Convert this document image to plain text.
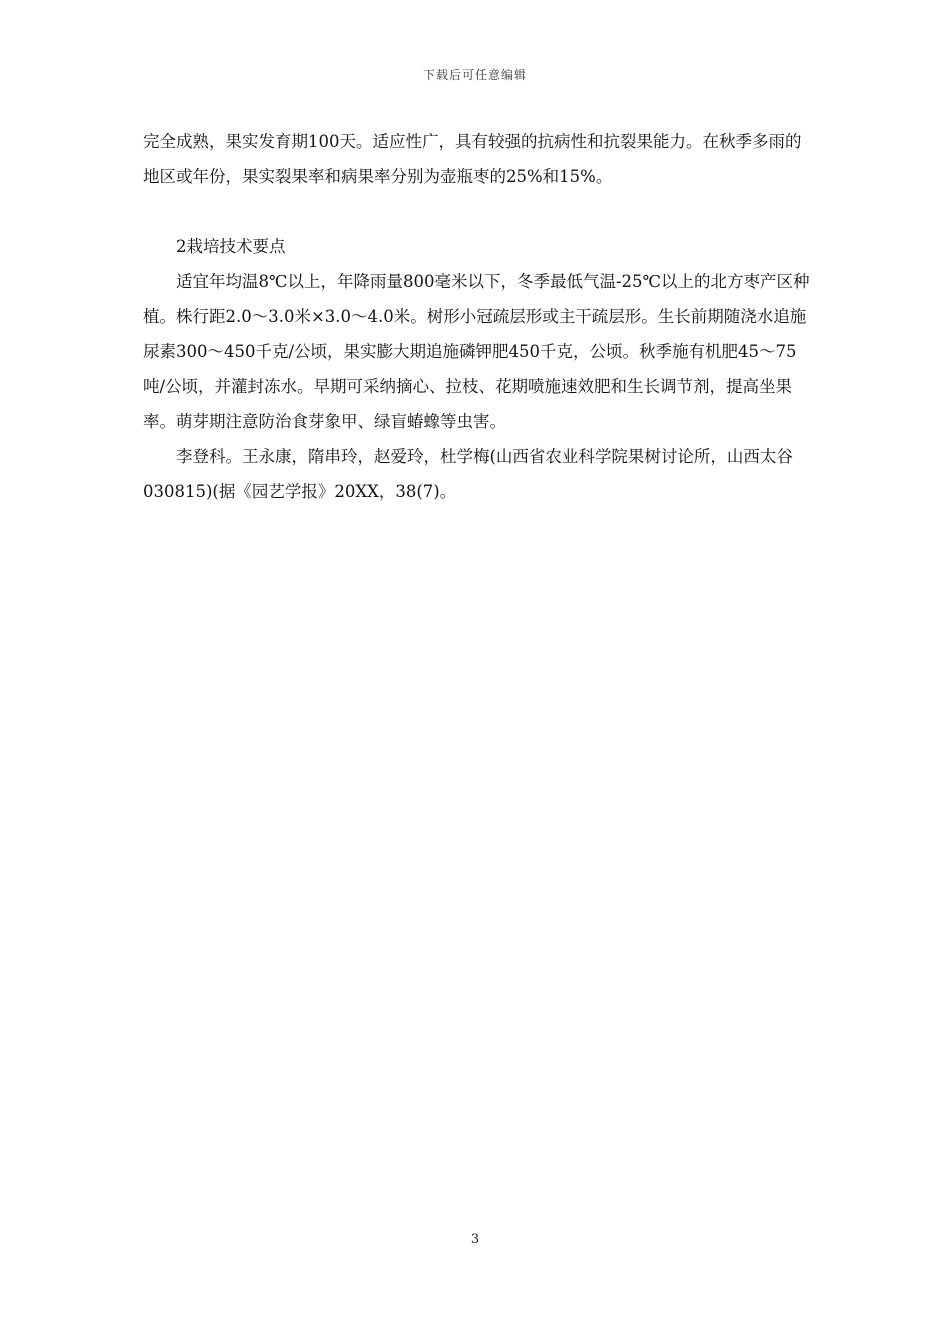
下载后可任意编辑

完全成熟，果实发育期100天。适应性广，具有较强的抗病性和抗裂果能力。在秋季多雨的地区或年份，果实裂果率和病果率分别为壶瓶枣的25%和15%。

2栽培技术要点

适宜年均温8℃以上，年降雨量800毫米以下，冬季最低气温-25℃以上的北方枣产区种植。株行距2.0～3.0米×3.0～4.0米。树形小冠疏层形或主干疏层形。生长前期随浇水追施尿素300～450千克/公顷，果实膨大期追施磷钾肥450千克，公顷。秋季施有机肥45～75吨/公顷，并灌封冻水。早期可采纳摘心、拉枝、花期喷施速效肥和生长调节剂，提高坐果率。萌芽期注意防治食芽象甲、绿盲蝽蟓等虫害。

李登科。王永康，隋串玲，赵爱玲，杜学梅(山西省农业科学院果树讨论所，山西太谷030815)(据《园艺学报》20XX，38(7)。

3
